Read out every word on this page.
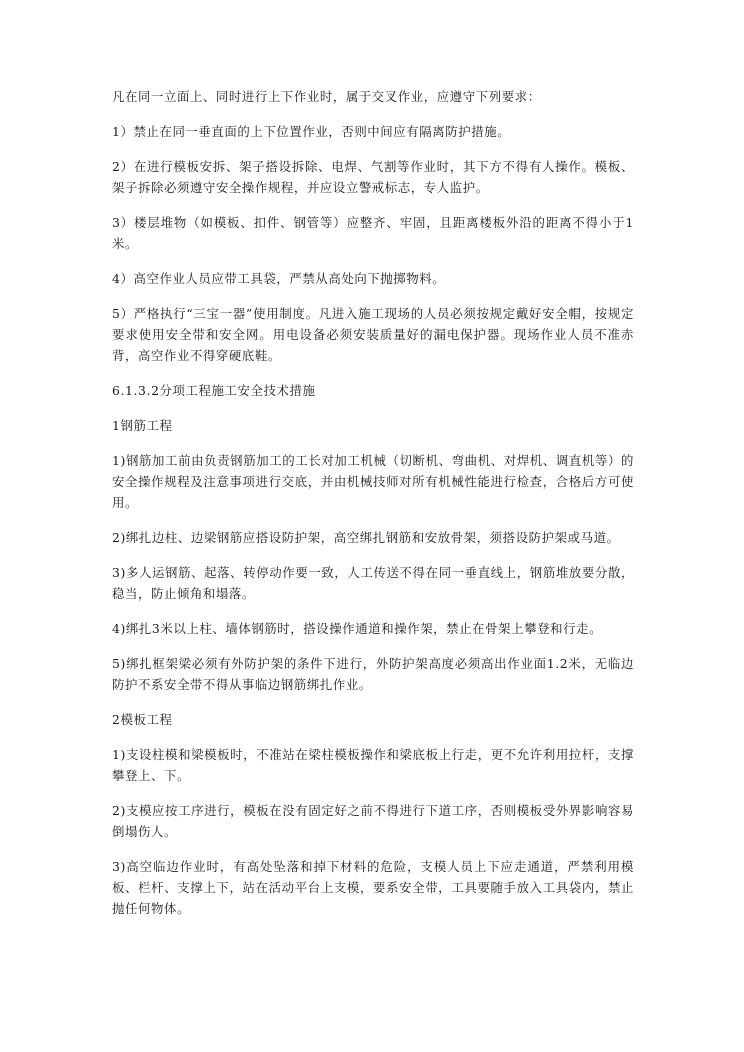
凡在同一立面上、同时进行上下作业时，属于交叉作业，应遵守下列要求：

1）禁止在同一垂直面的上下位置作业，否则中间应有隔离防护措施。

2）在进行模板安拆、架子搭设拆除、电焊、气割等作业时，其下方不得有人操作。模板、架子拆除必须遵守安全操作规程，并应设立警戒标志，专人监护。

3）楼层堆物（如模板、扣件、钢管等）应整齐、牢固，且距离楼板外沿的距离不得小于1米。

4）高空作业人员应带工具袋，严禁从高处向下抛掷物料。

5）严格执行“三宝一器”使用制度。凡进入施工现场的人员必须按规定戴好安全帽，按规定要求使用安全带和安全网。用电设备必须安装质量好的漏电保护器。现场作业人员不准赤背，高空作业不得穿硬底鞋。

6.1.3.2分项工程施工安全技术措施

1钢筋工程

1)钢筋加工前由负责钢筋加工的工长对加工机械（切断机、弯曲机、对焊机、调直机等）的安全操作规程及注意事项进行交底，并由机械技师对所有机械性能进行检查，合格后方可使用。

2)绑扎边柱、边梁钢筋应搭设防护架，高空绑扎钢筋和安放骨架，须搭设防护架或马道。

3)多人运钢筋、起落、转停动作要一致，人工传送不得在同一垂直线上，钢筋堆放要分散，稳当，防止倾角和塌落。

4)绑扎3米以上柱、墙体钢筋时，搭设操作通道和操作架，禁止在骨架上攀登和行走。

5)绑扎框架梁必须有外防护架的条件下进行，外防护架高度必须高出作业面1.2米，无临边防护不系安全带不得从事临边钢筋绑扎作业。

2模板工程

1)支设柱模和梁模板时，不准站在梁柱模板操作和梁底板上行走，更不允许利用拉杆，支撑攀登上、下。

2)支模应按工序进行，模板在没有固定好之前不得进行下道工序，否则模板受外界影响容易倒塌伤人。

3)高空临边作业时，有高处坠落和掉下材料的危险，支模人员上下应走通道，严禁利用模板、栏杆、支撑上下，站在活动平台上支模，要系安全带，工具要随手放入工具袋内，禁止抛任何物体。
